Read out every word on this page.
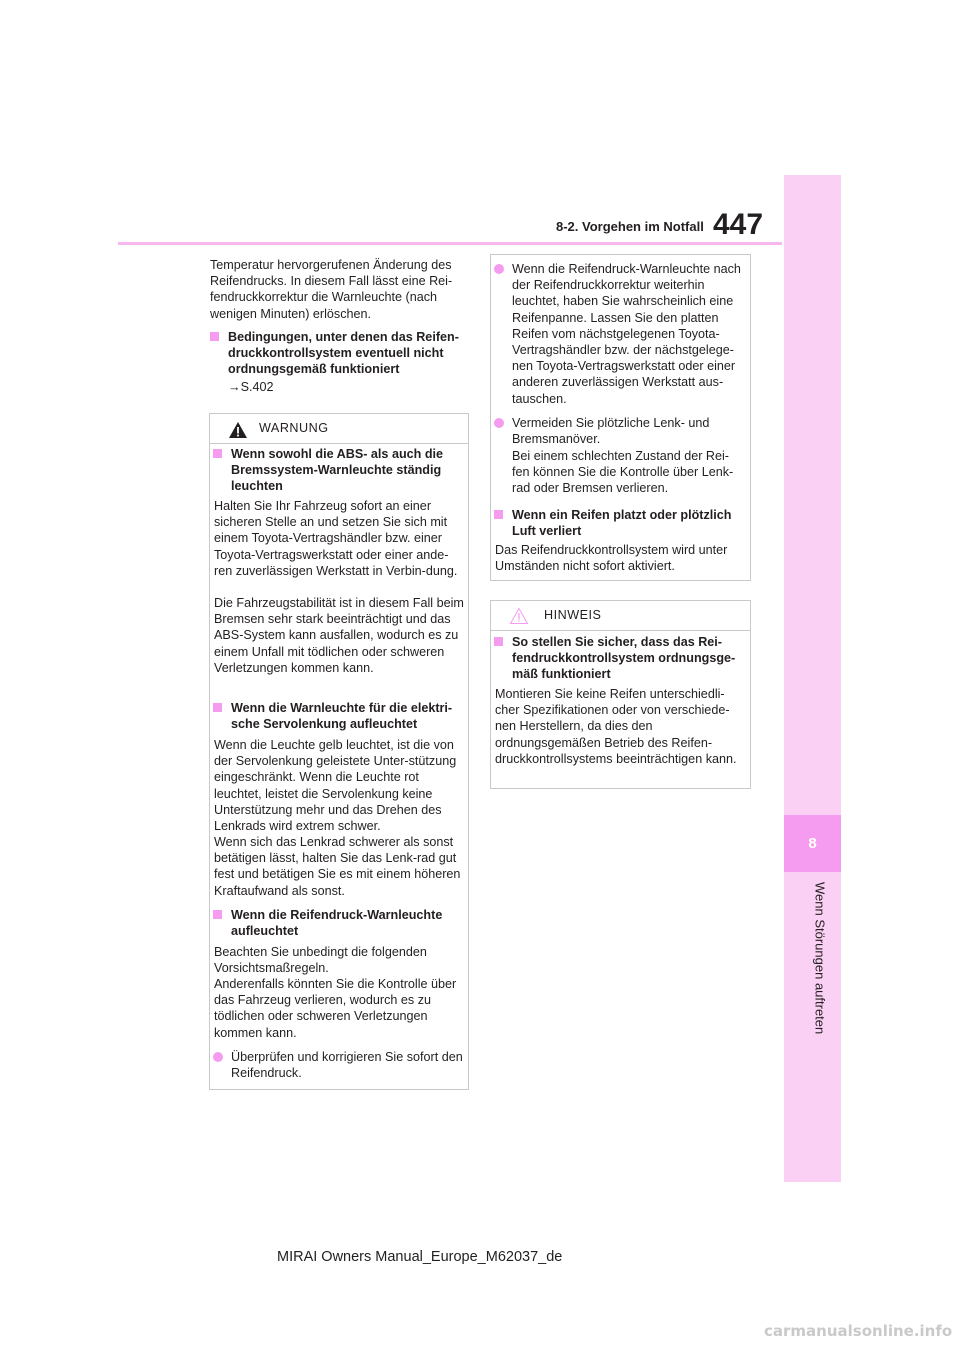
8-2. Vorgehen im Notfall 447
8
Wenn Störungen auftreten
Temperatur hervorgerufenen Änderung des Reifendrucks. In diesem Fall lässt eine Rei-fendruckkorrektur die Warnleuchte (nach wenigen Minuten) erlöschen.
Bedingungen, unter denen das Reifen-druckkontrollsystem eventuell nicht ordnungsgemäß funktioniert
→S.402
WARNUNG
Wenn sowohl die ABS- als auch die Bremssystem-Warnleuchte ständig leuchten
Halten Sie Ihr Fahrzeug sofort an einer sicheren Stelle an und setzen Sie sich mit einem Toyota-Vertragshändler bzw. einer Toyota-Vertragswerkstatt oder einer ande-ren zuverlässigen Werkstatt in Verbin-dung.
Die Fahrzeugstabilität ist in diesem Fall beim Bremsen sehr stark beeinträchtigt und das ABS-System kann ausfallen, wodurch es zu einem Unfall mit tödlichen oder schweren Verletzungen kommen kann.
Wenn die Warnleuchte für die elektri-sche Servolenkung aufleuchtet
Wenn die Leuchte gelb leuchtet, ist die von der Servolenkung geleistete Unter-stützung eingeschränkt. Wenn die Leuchte rot leuchtet, leistet die Servolenkung keine Unterstützung mehr und das Drehen des Lenkrads wird extrem schwer.
Wenn sich das Lenkrad schwerer als sonst betätigen lässt, halten Sie das Lenk-rad gut fest und betätigen Sie es mit einem höheren Kraftaufwand als sonst.
Wenn die Reifendruck-Warnleuchte aufleuchtet
Beachten Sie unbedingt die folgenden Vorsichtsmaßregeln.
Anderenfalls könnten Sie die Kontrolle über das Fahrzeug verlieren, wodurch es zu tödlichen oder schweren Verletzungen kommen kann.
Überprüfen und korrigieren Sie sofort den Reifendruck.
Wenn die Reifendruck-Warnleuchte nach der Reifendruckkorrektur weiterhin leuchtet, haben Sie wahrscheinlich eine Reifenpanne. Lassen Sie den platten Reifen vom nächstgelegenen Toyota-Vertragshändler bzw. der nächstgelege-nen Toyota-Vertragswerkstatt oder einer anderen zuverlässigen Werkstatt aus-tauschen.
Vermeiden Sie plötzliche Lenk- und Bremsmanöver.
Bei einem schlechten Zustand der Rei-fen können Sie die Kontrolle über Lenk-rad oder Bremsen verlieren.
Wenn ein Reifen platzt oder plötzlich Luft verliert
Das Reifendruckkontrollsystem wird unter Umständen nicht sofort aktiviert.
HINWEIS
So stellen Sie sicher, dass das Rei-fendruckkontrollsystem ordnungsge-mäß funktioniert
Montieren Sie keine Reifen unterschiedli-cher Spezifikationen oder von verschiede-nen Herstellern, da dies den ordnungsgemäßen Betrieb des Reifen-druckkontrollsystems beeinträchtigen kann.
MIRAI Owners Manual_Europe_M62037_de
carmanualsonline.info
